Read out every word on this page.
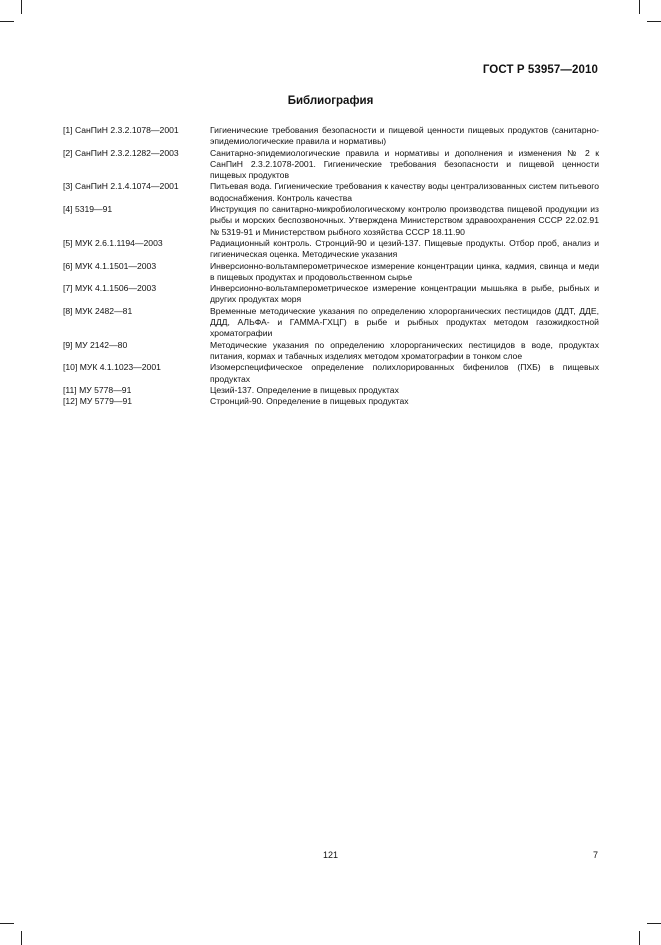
ГОСТ Р 53957—2010
Библиография
[1] СанПиН 2.3.2.1078—2001	Гигиенические требования безопасности и пищевой ценности пищевых продуктов (санитарно-эпидемиологические правила и нормативы)
[2] СанПиН 2.3.2.1282—2003	Санитарно-эпидемиологические правила и нормативы и дополнения и изменения № 2 к СанПиН 2.3.2.1078-2001. Гигиенические требования безопасности и пищевой ценности пищевых продуктов
[3] СанПиН 2.1.4.1074—2001	Питьевая вода. Гигиенические требования к качеству воды централизованных систем питьевого водоснабжения. Контроль качества
[4] 5319—91	Инструкция по санитарно-микробиологическому контролю производства пищевой продукции из рыбы и морских беспозвоночных. Утверждена Министерством здравоохранения СССР 22.02.91 № 5319-91 и Министерством рыбного хозяйства СССР 18.11.90
[5] МУК 2.6.1.1194—2003	Радиационный контроль. Стронций-90 и цезий-137. Пищевые продукты. Отбор проб, анализ и гигиеническая оценка. Методические указания
[6] МУК 4.1.1501—2003	Инверсионно-вольтамперометрическое измерение концентрации цинка, кадмия, свинца и меди в пищевых продуктах и продовольственном сырье
[7] МУК 4.1.1506—2003	Инверсионно-вольтамперометрическое измерение концентрации мышьяка в рыбе, рыбных и других продуктах моря
[8] МУК 2482—81	Временные методические указания по определению хлорорганических пестицидов (ДДТ, ДДЕ, ДДД, АЛЬФА- и ГАММА-ГХЦГ) в рыбе и рыбных продуктах методом газожидкостной хроматографии
[9] МУ 2142—80	Методические указания по определению хлорорганических пестицидов в воде, продуктах питания, кормах и табачных изделиях методом хроматографии в тонком слое
[10] МУК 4.1.1023—2001	Изомерспецифическое определение полихлорированных бифенилов (ПХБ) в пищевых продуктах
[11] МУ 5778—91	Цезий-137. Определение в пищевых продуктах
[12] МУ 5779—91	Стронций-90. Определение в пищевых продуктах
121	7
